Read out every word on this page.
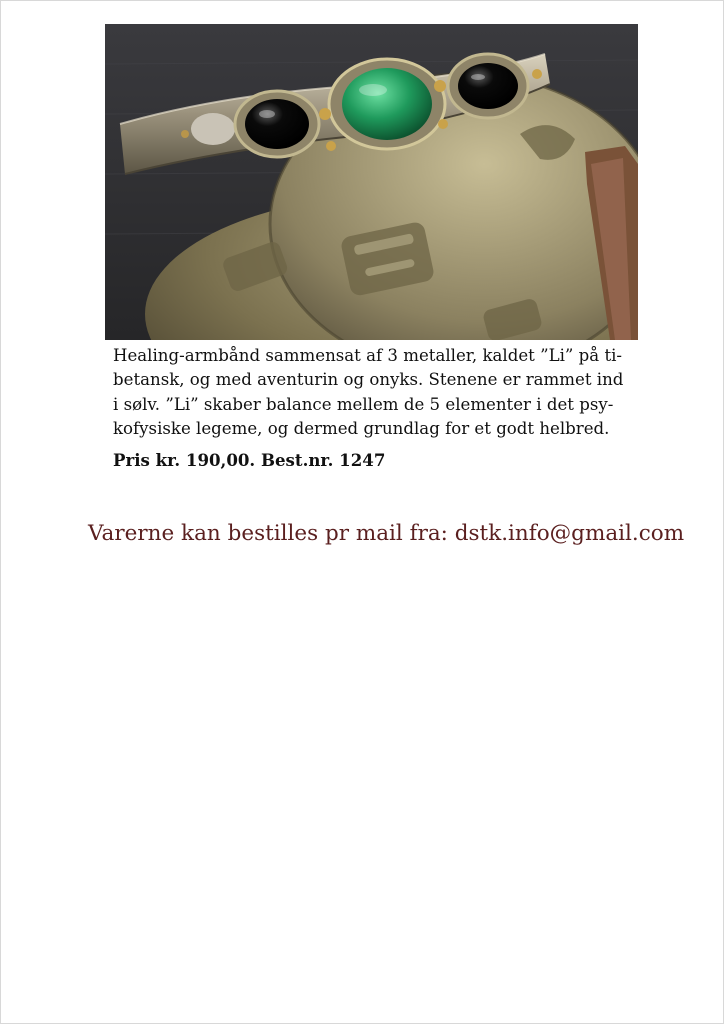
Healing-armbånd sammensat af 3 metaller, kaldet ”Li” på ti-
betansk, og med aventurin og onyks. Stenene er rammet ind
i sølv. ”Li” skaber balance mellem de 5 elementer i det psy-
kofysiske legeme, og dermed grundlag for et godt helbred.
Pris kr. 190,00. Best.nr. 1247
Varerne kan bestilles pr mail fra: dstk.info@gmail.com
